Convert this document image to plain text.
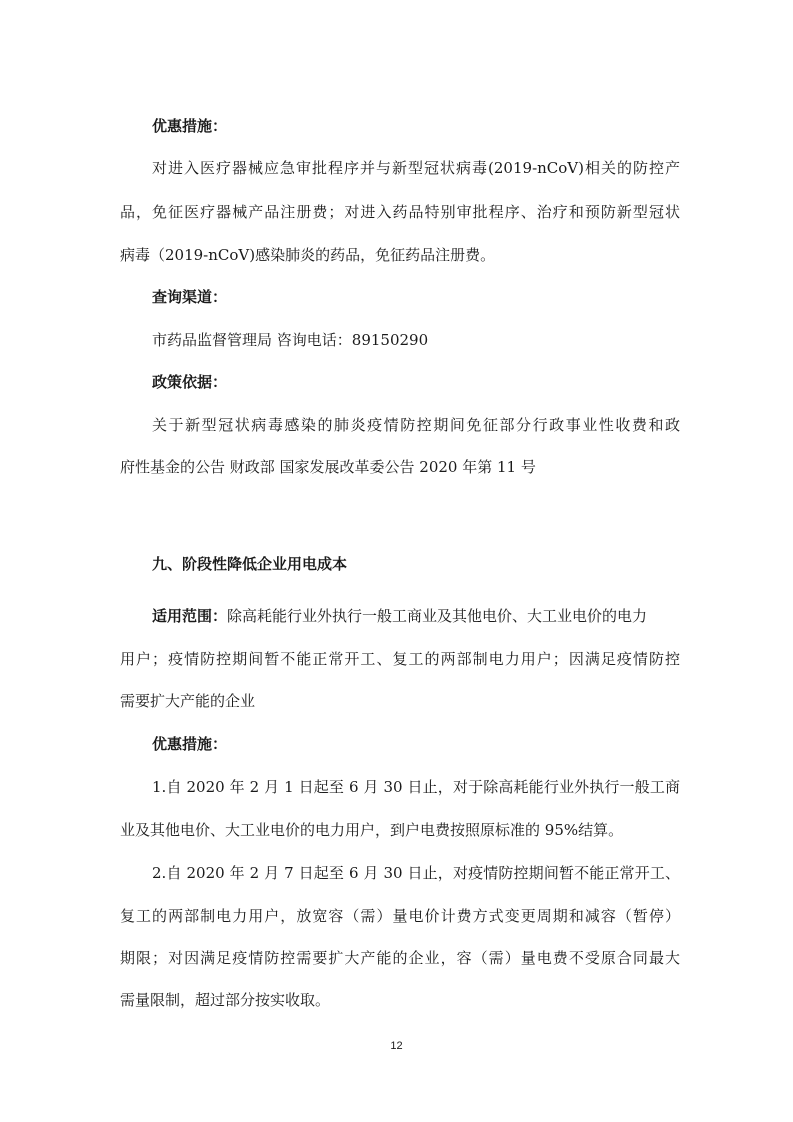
优惠措施：
对进入医疗器械应急审批程序并与新型冠状病毒(2019-nCoV)相关的防控产
品，免征医疗器械产品注册费；对进入药品特别审批程序、治疗和预防新型冠状
病毒（2019-nCoV)感染肺炎的药品，免征药品注册费。
查询渠道：
市药品监督管理局 咨询电话：89150290
政策依据：
关于新型冠状病毒感染的肺炎疫情防控期间免征部分行政事业性收费和政
府性基金的公告 财政部 国家发展改革委公告 2020 年第 11 号
九、阶段性降低企业用电成本
适用范围：除高耗能行业外执行一般工商业及其他电价、大工业电价的电力
用户；疫情防控期间暂不能正常开工、复工的两部制电力用户；因满足疫情防控
需要扩大产能的企业
优惠措施：
1.自 2020 年 2 月 1 日起至 6 月 30 日止，对于除高耗能行业外执行一般工商
业及其他电价、大工业电价的电力用户，到户电费按照原标准的 95%结算。
2.自 2020 年 2 月 7 日起至 6 月 30 日止，对疫情防控期间暂不能正常开工、
复工的两部制电力用户，放宽容（需）量电价计费方式变更周期和减容（暂停）
期限；对因满足疫情防控需要扩大产能的企业，容（需）量电费不受原合同最大
需量限制，超过部分按实收取。
12
